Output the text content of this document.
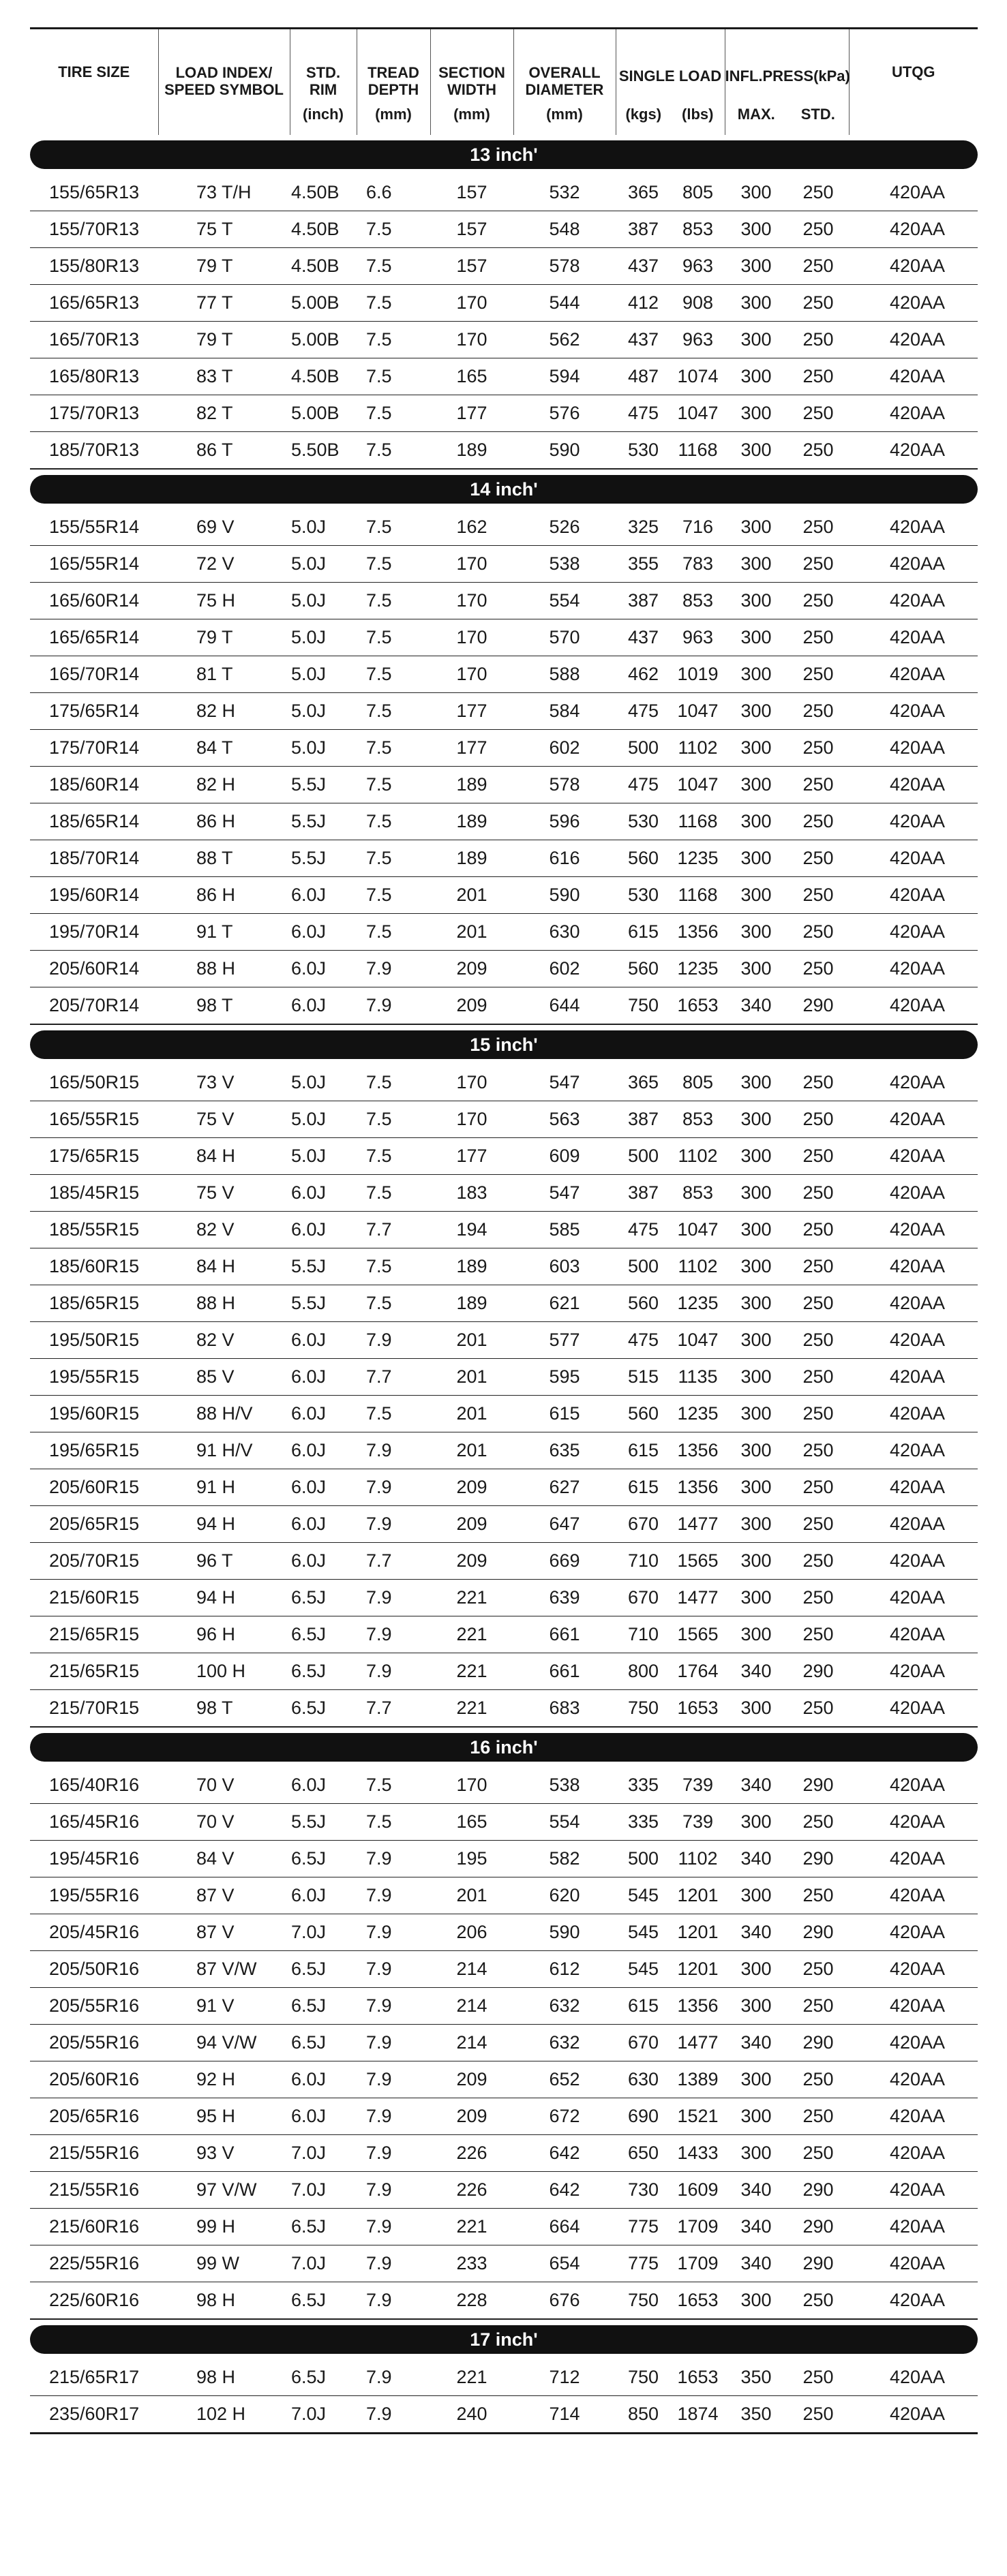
TIRE SIZE	LOAD INDEX/	STD.	TREAD	SECTION	OVERALL	SINGLE LOAD		INFL.PRESS(kPa)		UTQG
	SPEED SYMBOL	RIM	DEPTH	WIDTH	DIAMETER					
		(inch)	(mm)	(mm)	(mm)	(kgs)	(lbs)	MAX.	STD.	

13 inch'										

155/65R13	73 T/H	4.50B	6.6	157	532	365	805	300	250	420AA
155/70R13	75 T	4.50B	7.5	157	548	387	853	300	250	420AA
155/80R13	79 T	4.50B	7.5	157	578	437	963	300	250	420AA
165/65R13	77 T	5.00B	7.5	170	544	412	908	300	250	420AA
165/70R13	79 T	5.00B	7.5	170	562	437	963	300	250	420AA
165/80R13	83 T	4.50B	7.5	165	594	487	1074	300	250	420AA
175/70R13	82 T	5.00B	7.5	177	576	475	1047	300	250	420AA
185/70R13	86 T	5.50B	7.5	189	590	530	1168	300	250	420AA

14 inch'										

155/55R14	69 V	5.0J	7.5	162	526	325	716	300	250	420AA
165/55R14	72 V	5.0J	7.5	170	538	355	783	300	250	420AA
165/60R14	75 H	5.0J	7.5	170	554	387	853	300	250	420AA
165/65R14	79 T	5.0J	7.5	170	570	437	963	300	250	420AA
165/70R14	81 T	5.0J	7.5	170	588	462	1019	300	250	420AA
175/65R14	82 H	5.0J	7.5	177	584	475	1047	300	250	420AA
175/70R14	84 T	5.0J	7.5	177	602	500	1102	300	250	420AA
185/60R14	82 H	5.5J	7.5	189	578	475	1047	300	250	420AA
185/65R14	86 H	5.5J	7.5	189	596	530	1168	300	250	420AA
185/70R14	88 T	5.5J	7.5	189	616	560	1235	300	250	420AA
195/60R14	86 H	6.0J	7.5	201	590	530	1168	300	250	420AA
195/70R14	91 T	6.0J	7.5	201	630	615	1356	300	250	420AA
205/60R14	88 H	6.0J	7.9	209	602	560	1235	300	250	420AA
205/70R14	98 T	6.0J	7.9	209	644	750	1653	340	290	420AA

15 inch'										

165/50R15	73 V	5.0J	7.5	170	547	365	805	300	250	420AA
165/55R15	75 V	5.0J	7.5	170	563	387	853	300	250	420AA
175/65R15	84 H	5.0J	7.5	177	609	500	1102	300	250	420AA
185/45R15	75 V	6.0J	7.5	183	547	387	853	300	250	420AA
185/55R15	82 V	6.0J	7.7	194	585	475	1047	300	250	420AA
185/60R15	84 H	5.5J	7.5	189	603	500	1102	300	250	420AA
185/65R15	88 H	5.5J	7.5	189	621	560	1235	300	250	420AA
195/50R15	82 V	6.0J	7.9	201	577	475	1047	300	250	420AA
195/55R15	85 V	6.0J	7.7	201	595	515	1135	300	250	420AA
195/60R15	88 H/V	6.0J	7.5	201	615	560	1235	300	250	420AA
195/65R15	91 H/V	6.0J	7.9	201	635	615	1356	300	250	420AA
205/60R15	91 H	6.0J	7.9	209	627	615	1356	300	250	420AA
205/65R15	94 H	6.0J	7.9	209	647	670	1477	300	250	420AA
205/70R15	96 T	6.0J	7.7	209	669	710	1565	300	250	420AA
215/60R15	94 H	6.5J	7.9	221	639	670	1477	300	250	420AA
215/65R15	96 H	6.5J	7.9	221	661	710	1565	300	250	420AA
215/65R15	100 H	6.5J	7.9	221	661	800	1764	340	290	420AA
215/70R15	98 T	6.5J	7.7	221	683	750	1653	300	250	420AA

16 inch'										

165/40R16	70 V	6.0J	7.5	170	538	335	739	340	290	420AA
165/45R16	70 V	5.5J	7.5	165	554	335	739	300	250	420AA
195/45R16	84 V	6.5J	7.9	195	582	500	1102	340	290	420AA
195/55R16	87 V	6.0J	7.9	201	620	545	1201	300	250	420AA
205/45R16	87 V	7.0J	7.9	206	590	545	1201	340	290	420AA
205/50R16	87 V/W	6.5J	7.9	214	612	545	1201	300	250	420AA
205/55R16	91 V	6.5J	7.9	214	632	615	1356	300	250	420AA
205/55R16	94 V/W	6.5J	7.9	214	632	670	1477	340	290	420AA
205/60R16	92 H	6.0J	7.9	209	652	630	1389	300	250	420AA
205/65R16	95 H	6.0J	7.9	209	672	690	1521	300	250	420AA
215/55R16	93 V	7.0J	7.9	226	642	650	1433	300	250	420AA
215/55R16	97 V/W	7.0J	7.9	226	642	730	1609	340	290	420AA
215/60R16	99 H	6.5J	7.9	221	664	775	1709	340	290	420AA
225/55R16	99 W	7.0J	7.9	233	654	775	1709	340	290	420AA
225/60R16	98 H	6.5J	7.9	228	676	750	1653	300	250	420AA

17 inch'										

215/65R17	98 H	6.5J	7.9	221	712	750	1653	350	250	420AA
235/60R17	102 H	7.0J	7.9	240	714	850	1874	350	250	420AA
